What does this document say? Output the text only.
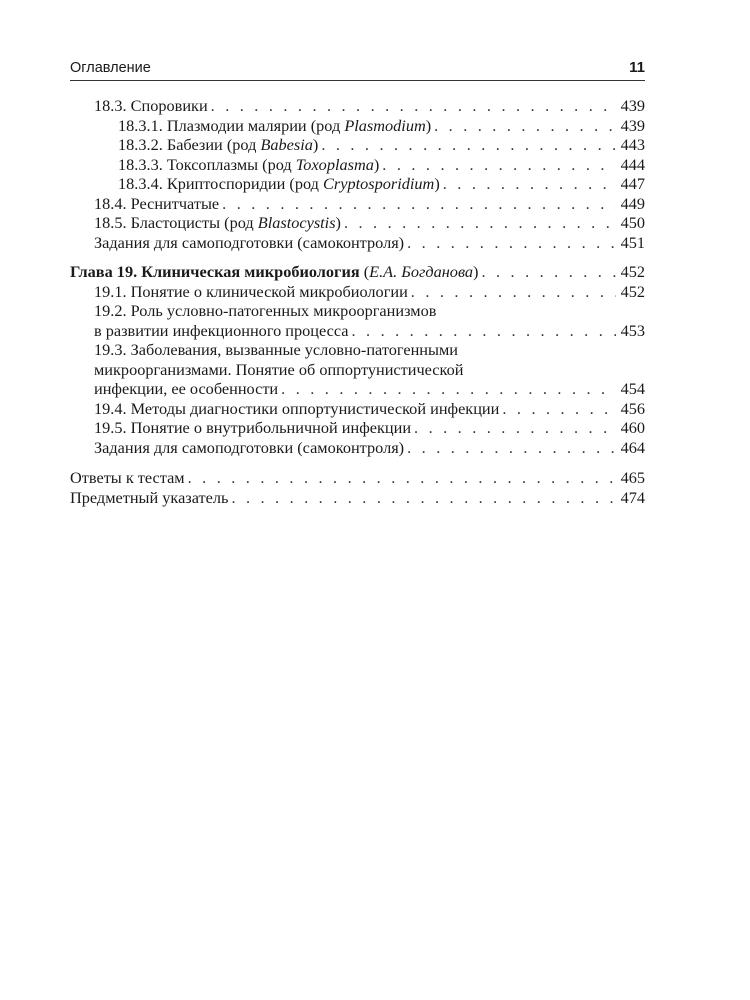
Оглавление	11
18.3. Споровики . . .	439
18.3.1. Плазмодии малярии (род Plasmodium) . . .	439
18.3.2. Бабезии (род Babesia) . . .	443
18.3.3. Токсоплазмы (род Toxoplasma) . . .	444
18.3.4. Криптоспоридии (род Cryptosporidium) . . .	447
18.4. Реснитчатые . . .	449
18.5. Бластоцисты (род Blastocystis) . . .	450
Задания для самоподготовки (самоконтроля) . . .	451
Глава 19. Клиническая микробиология (Е.А. Богданова) . . .	452
19.1. Понятие о клинической микробиологии . . .	452
19.2. Роль условно-патогенных микроорганизмов
в развитии инфекционного процесса . . .	453
19.3. Заболевания, вызванные условно-патогенными
микроорганизмами. Понятие об оппортунистической
инфекции, ее особенности . . .	454
19.4. Методы диагностики оппортунистической инфекции . . .	456
19.5. Понятие о внутрибольничной инфекции . . .	460
Задания для самоподготовки (самоконтроля) . . .	464
Ответы к тестам . . .	465
Предметный указатель . . .	474
